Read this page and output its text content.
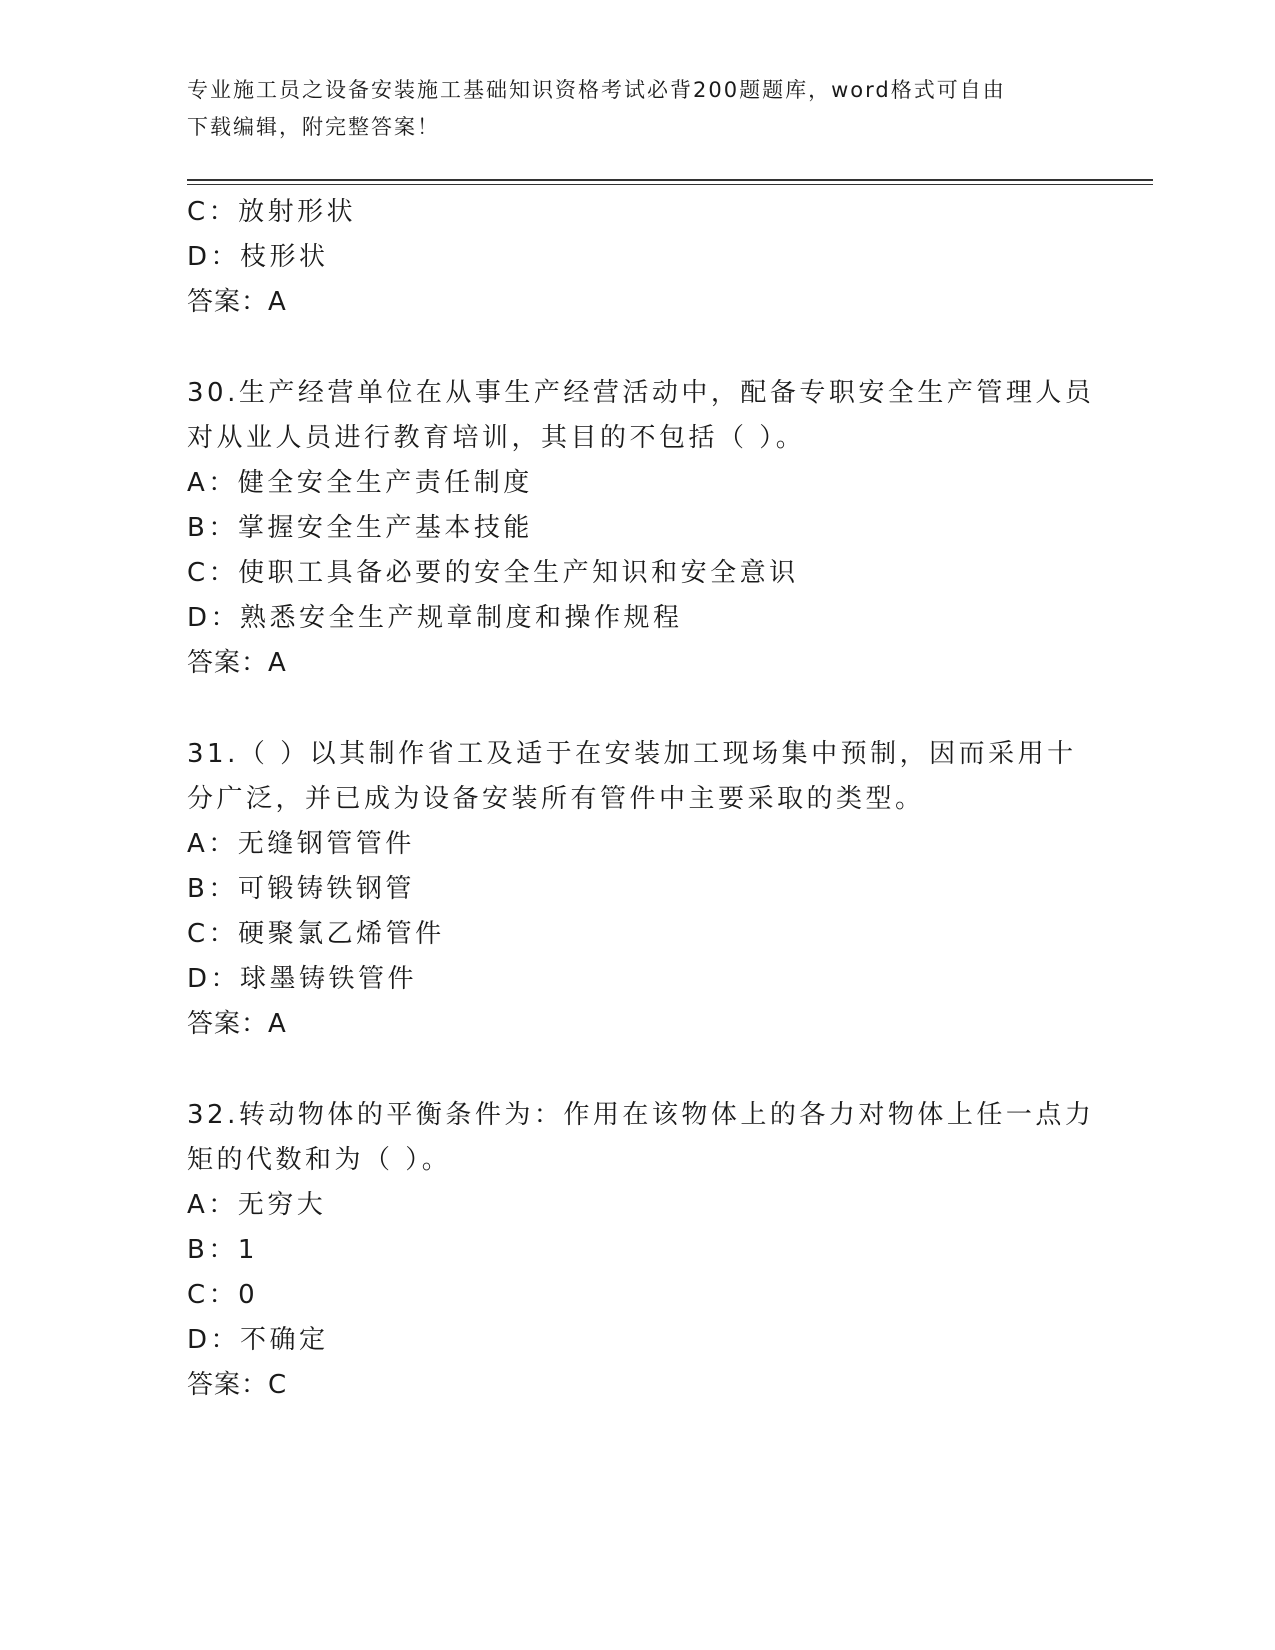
专业施工员之设备安装施工基础知识资格考试必背200题题库，word格式可自由
下载编辑，附完整答案！
C：放射形状
D：枝形状
答案：A
30.生产经营单位在从事生产经营活动中，配备专职安全生产管理人员
对从业人员进行教育培训，其目的不包括（ ）。
A：健全安全生产责任制度
B：掌握安全生产基本技能
C：使职工具备必要的安全生产知识和安全意识
D：熟悉安全生产规章制度和操作规程
答案：A
31.（ ）以其制作省工及适于在安装加工现场集中预制，因而采用十
分广泛，并已成为设备安装所有管件中主要采取的类型。
A：无缝钢管管件
B：可锻铸铁钢管
C：硬聚氯乙烯管件
D：球墨铸铁管件
答案：A
32.转动物体的平衡条件为：作用在该物体上的各力对物体上任一点力
矩的代数和为（ ）。
A：无穷大
B：1
C：0
D：不确定
答案：C
